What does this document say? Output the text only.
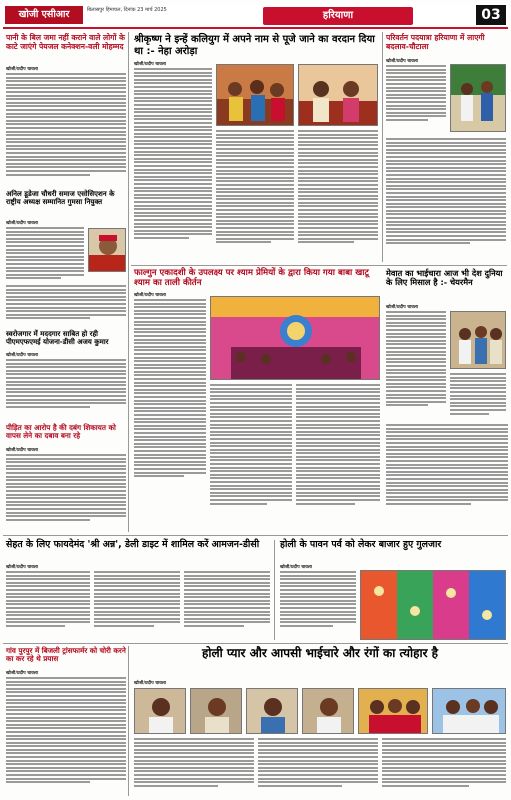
खोजी एसीआर	बिलासपुर हिमाचल, दिनांक 23 मार्च 2025	हरियाणा	03
पानी के बिल जमा नहीं कराने वाले लोगों के काटे जाएंगे पेयजल कनेक्शन-वली मोहम्मद
खोजी/प्रदीप चावला
अनिल डूडेजा चौधरी समाज एसोसिएशन के राष्ट्रीय अध्यक्ष सम्मानित गुमसा नियुक्त
खोजी/प्रदीप चावला
स्वरोजगार में मददगार साबित हो रही पीएमएफएमई योजना-डीसी अजय कुमार
खोजी/प्रदीप चावला
श्रीकृष्ण ने इन्हें कलियुग में अपने नाम से पूजे जाने का वरदान दिया था :- नेहा अरोड़ा
खोजी/प्रदीप चावला
परिवर्तन पदयात्रा हरियाणा में लाएगी बदलाव-चौटाला
खोजी/प्रदीप चावला
फाल्गुन एकादशी के उपलक्ष्य पर श्याम प्रेमियों के द्वारा किया गया बाबा खाटू श्याम का ताली कीर्तन
खोजी/प्रदीप चावला
मेवात का भाईचारा आज भी देश दुनिया के लिए मिसाल है :- चेयरमैन
खोजी/प्रदीप चावला
पीड़ित का आरोप है की दबंग शिकायत को वापस लेने का दबाव बना रहे
खोजी/प्रदीप चावला
सेहत के लिए फायदेमंद 'श्री अन्न', डेली डाइट में शामिल करें आमजन-डीसी
खोजी/प्रदीप चावला
होली के पावन पर्व को लेकर बाजार हुए गुलजार
खोजी/प्रदीप चावला
गांव पुरपुर में बिजली ट्रांसफार्मर को चोरी करने का कर रहे थे प्रयास
खोजी/प्रदीप चावला
होली प्यार और आपसी भाईचारे और रंगों का त्योहार है
खोजी/प्रदीप चावला
